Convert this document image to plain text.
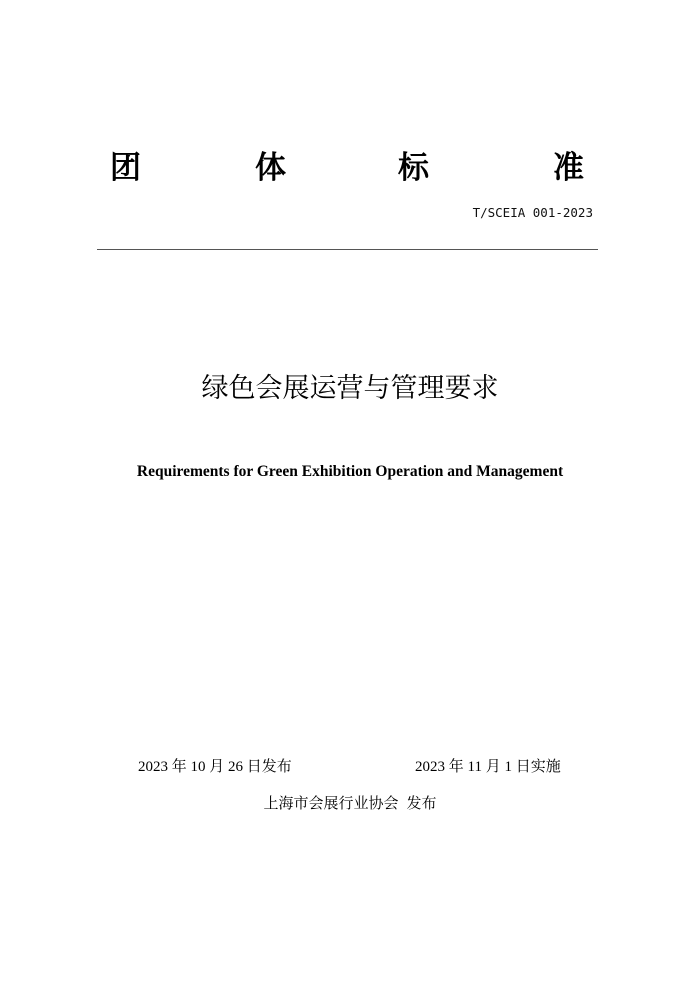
团	体	标	准
T/SCEIA 001-2023
绿色会展运营与管理要求
Requirements for Green Exhibition Operation and Management
2023 年 10 月 26 日发布	2023 年 11 月 1 日实施
上海市会展行业协会 发布
